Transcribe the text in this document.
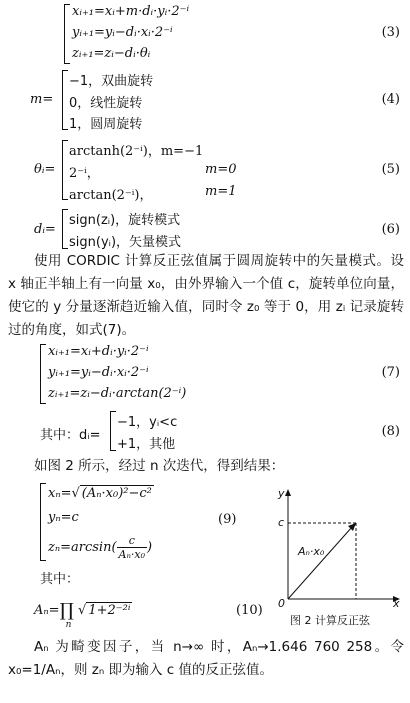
xᵢ₊₁=xᵢ+m·dᵢ·yᵢ·2⁻ⁱ
yᵢ₊₁=yᵢ−dᵢ·xᵢ·2⁻ⁱ
zᵢ₊₁=zᵢ−dᵢ·θᵢ
(3)
m=
−1，双曲旋转
0，线性旋转
1，圆周旋转
(4)
θᵢ=
arctanh(2⁻ⁱ)，m=−1
2⁻ⁱ，	m=0
arctan(2⁻ⁱ)，	m=1
(5)
dᵢ=
sign(zᵢ)，旋转模式
sign(yᵢ)，矢量模式
(6)
使用 CORDIC 计算反正弦值属于圆周旋转中的矢量模式。设 x 轴正半轴上有一向量 x₀，由外界输入一个值 c，旋转单位向量，使它的 y 分量逐渐趋近输入值，同时令 z₀ 等于 0，用 zᵢ 记录旋转过的角度，如式(7)。
xᵢ₊₁=xᵢ+dᵢ·yᵢ·2⁻ⁱ
yᵢ₊₁=yᵢ−dᵢ·xᵢ·2⁻ⁱ
zᵢ₊₁=zᵢ−dᵢ·arctan(2⁻ⁱ)
(7)
其中：dᵢ=
−1，yᵢ<c
+1，其他
(8)
如图 2 所示，经过 n 次迭代，得到结果：
xₙ=√ (Aₙ·x₀)²−c²
yₙ=c
$z_n=\arcsin( \frac{c}{\text{Aₙ·x₀}}$ )
(9)
其中：
Aₙ=∏
n
√ 1+2⁻²ⁱ	(10)
y
c
Aₙ·x₀
0	x
图 2 计算反正弦
Aₙ 为畸变因子，当 n→∞ 时，Aₙ→1.646 760 258。令 x₀=1/Aₙ，则 zₙ 即为输入 c 值的反正弦值。
